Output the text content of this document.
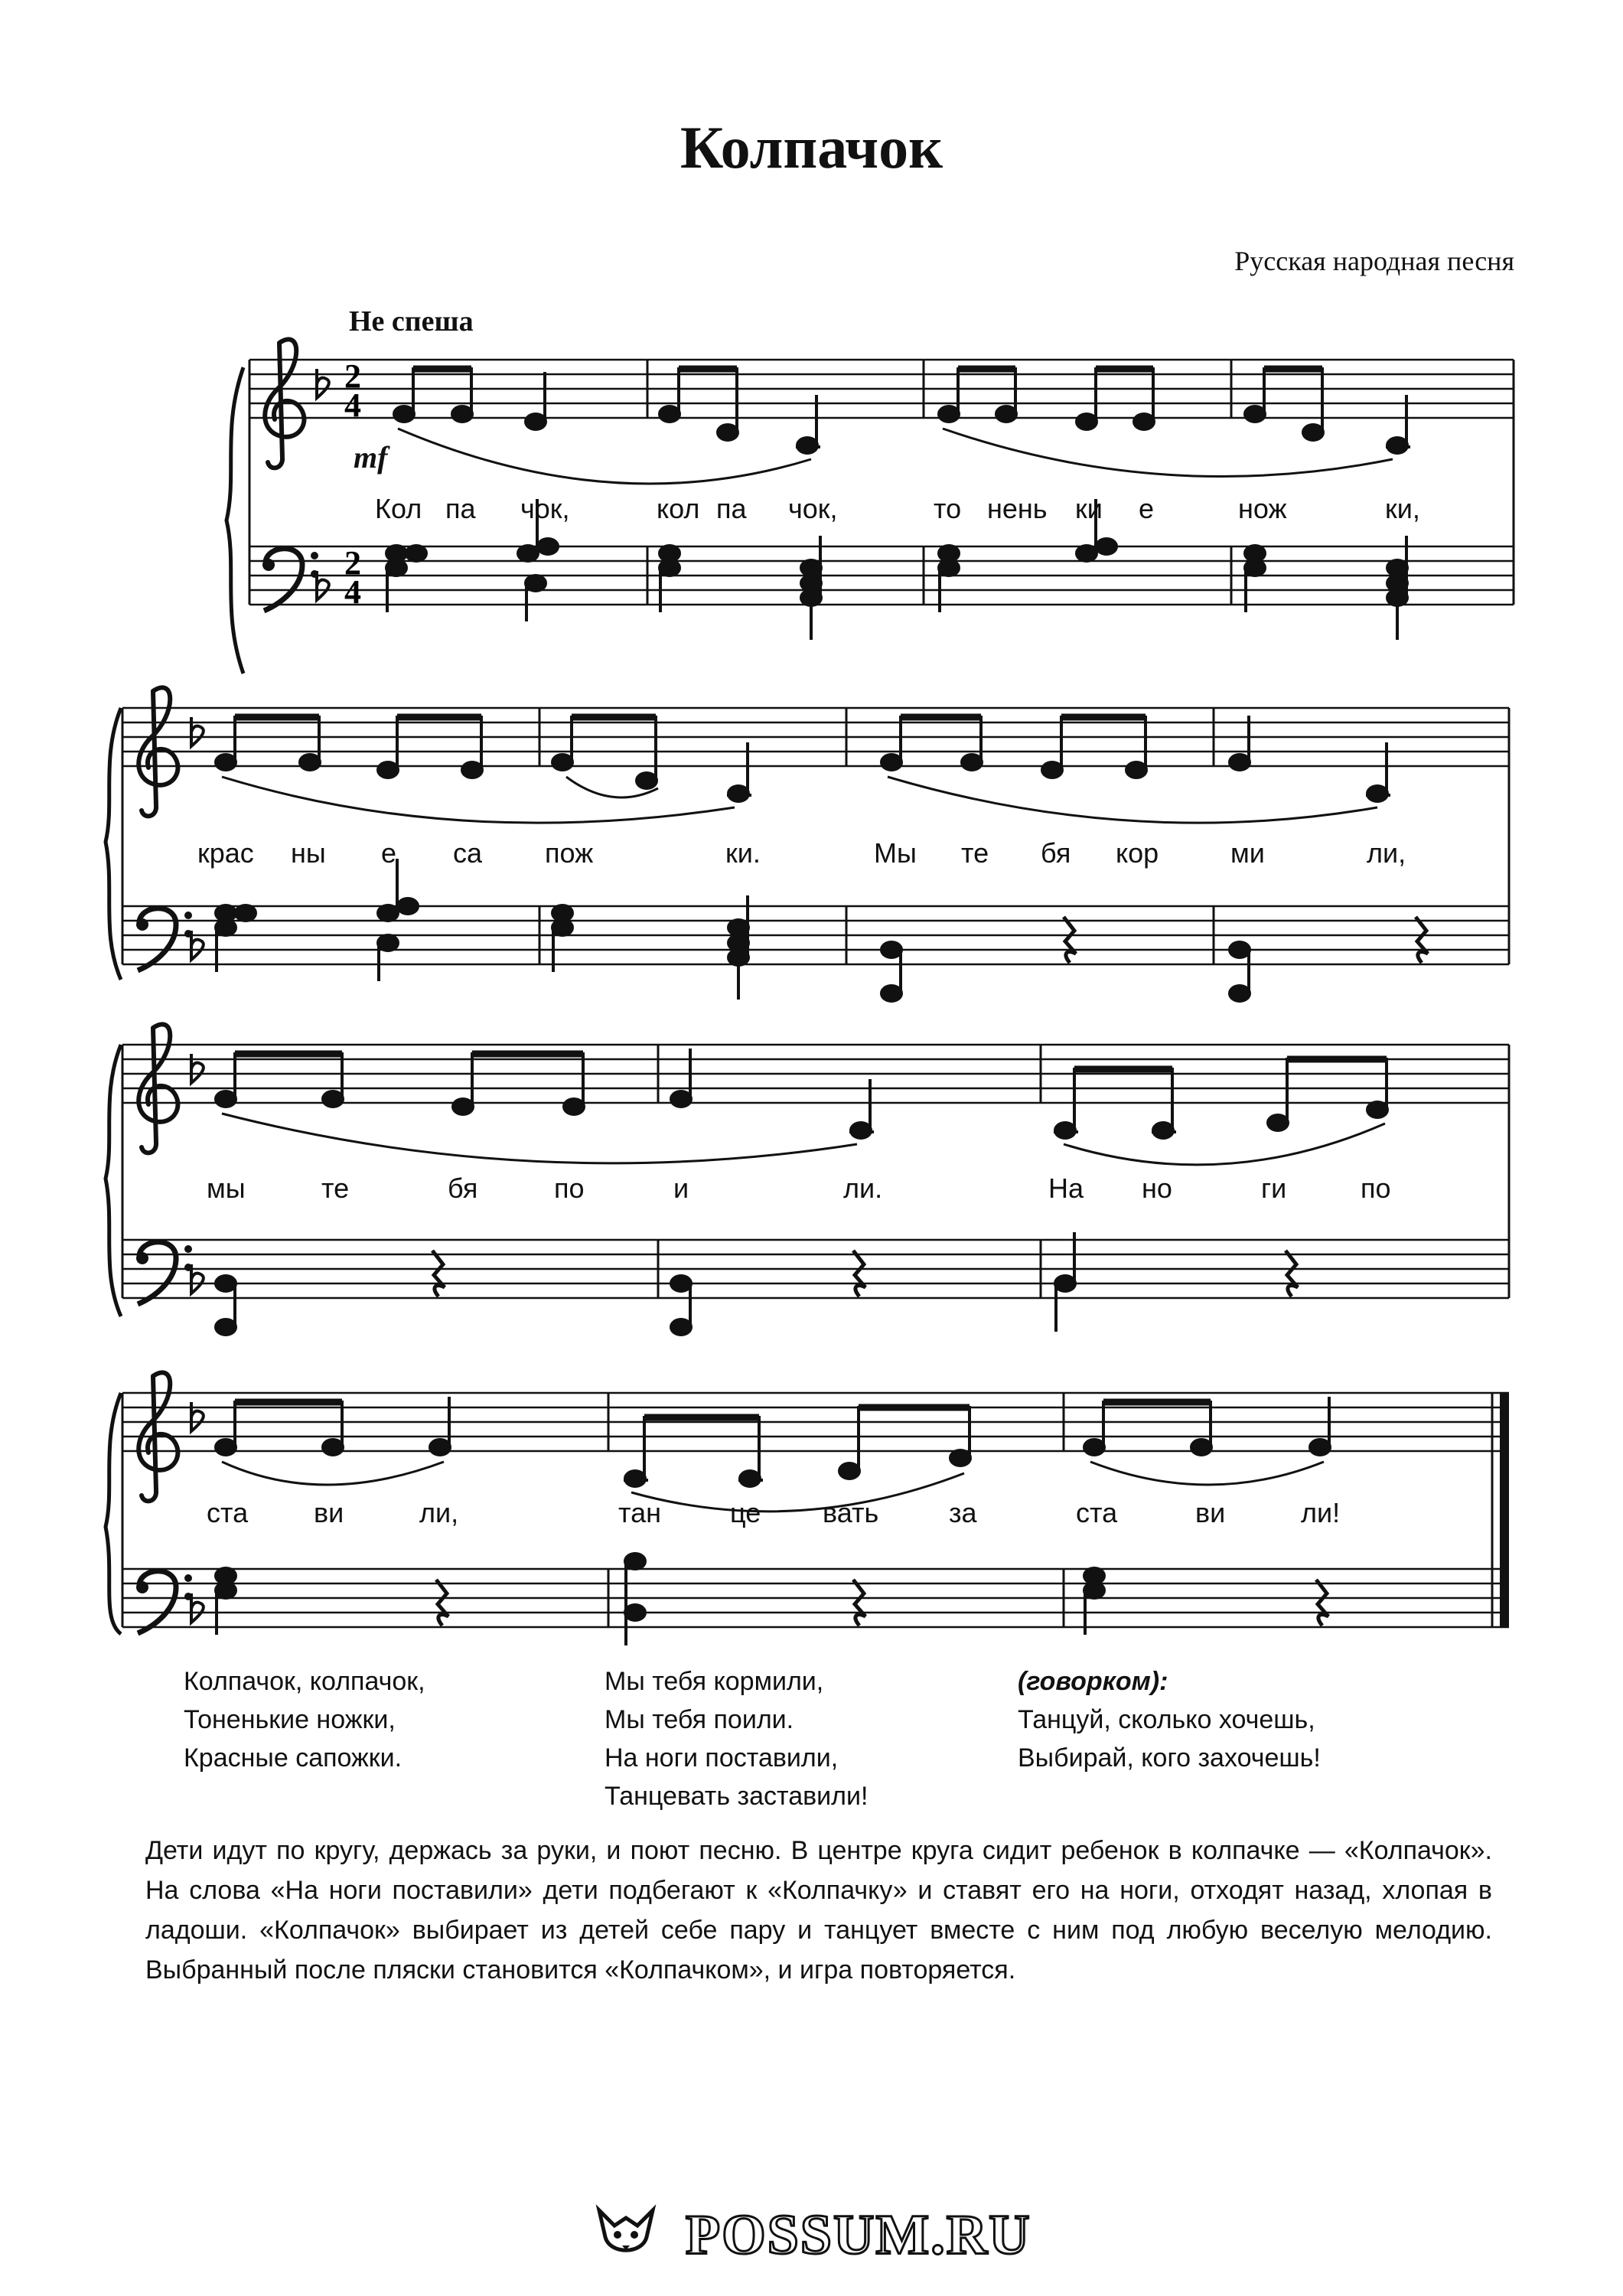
Колпачок
Русская народная песня
Не спеша
mf
2
4
2
4
Кол па чок,	кол па чок,	то нень ки е	нож	ки,
крас ны е са пож	ки.	Мы те бя кор	ми	ли,
мы	те	бя	по	и	ли.	На но	ги	по
ста ви	ли,	тан	це вать	за	ста	ви	ли!
Колпачок, колпачок,
Тоненькие ножки,
Красные сапожки.
Мы тебя кормили,
Мы тебя поили.
На ноги поставили,
Танцевать заставили!
(говорком):
Танцуй, сколько хочешь,
Выбирай, кого захочешь!
Дети идут по кругу, держась за руки, и поют песню. В центре круга сидит ребенок в колпачке — «Колпачок». На слова «На ноги поставили» дети подбегают к «Колпачку» и ставят его на ноги, отходят назад, хлопая в ладоши. «Колпачок» выбирает из детей себе пару и танцует вместе с ним под любую веселую мелодию. Выбранный после пляски становится «Колпачком», и игра повторяется.
POSSUM.RU
